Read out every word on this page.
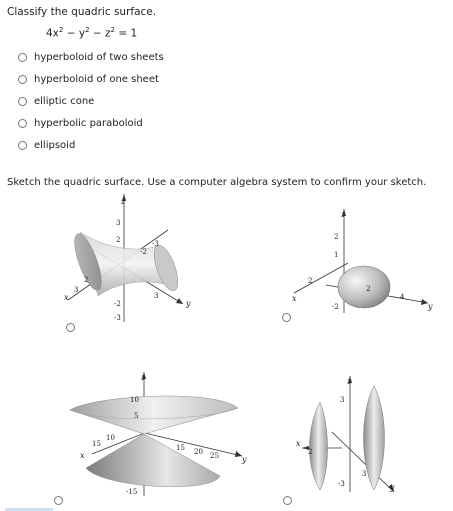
Classify the quadric surface.
$4x^2 - y^2 - z^2 = 1$
hyperboloid of two sheets
hyperboloid of one sheet
elliptic cone
hyperbolic paraboloid
ellipsoid
Sketch the quadric surface. Use a computer algebra system to confirm your sketch.
z
x
y
3
2
-2
-3
2
3
-2
-3
3
z
x
y
2
1
2
-2
2
4
z
x	y
10
5
15
10
15 20 25
-15
z
x
y
3
2
3
-3
